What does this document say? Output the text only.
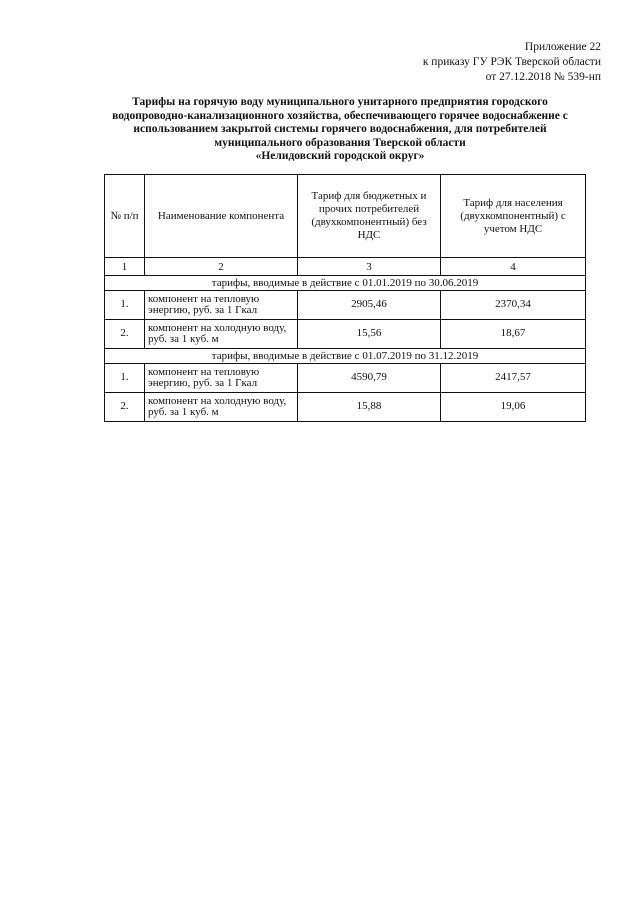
Приложение 22
к приказу ГУ РЭК Тверской области
от 27.12.2018 № 539-нп
Тарифы на горячую воду муниципального унитарного предприятия городского
водопроводно-канализационного хозяйства, обеспечивающего горячее водоснабжение с
использованием закрытой системы горячего водоснабжения, для потребителей
муниципального образования Тверской области
«Нелидовский городской округ»
№ п/п	Наименование компонента	Тариф для бюджетных и прочих потребителей (двухкомпонентный) без НДС	Тариф для населения (двухкомпонентный) с учетом НДС
1	2	3	4
тарифы, вводимые в действие с 01.01.2019 по 30.06.2019			
1.	компонент на тепловую энергию, руб. за 1 Гкал	2905,46	2370,34
2.	компонент на холодную воду, руб. за 1 куб. м	15,56	18,67
тарифы, вводимые в действие с 01.07.2019 по 31.12.2019			
1.	компонент на тепловую энергию, руб. за 1 Гкал	4590,79	2417,57
2.	компонент на холодную воду, руб. за 1 куб. м	15,88	19,06
